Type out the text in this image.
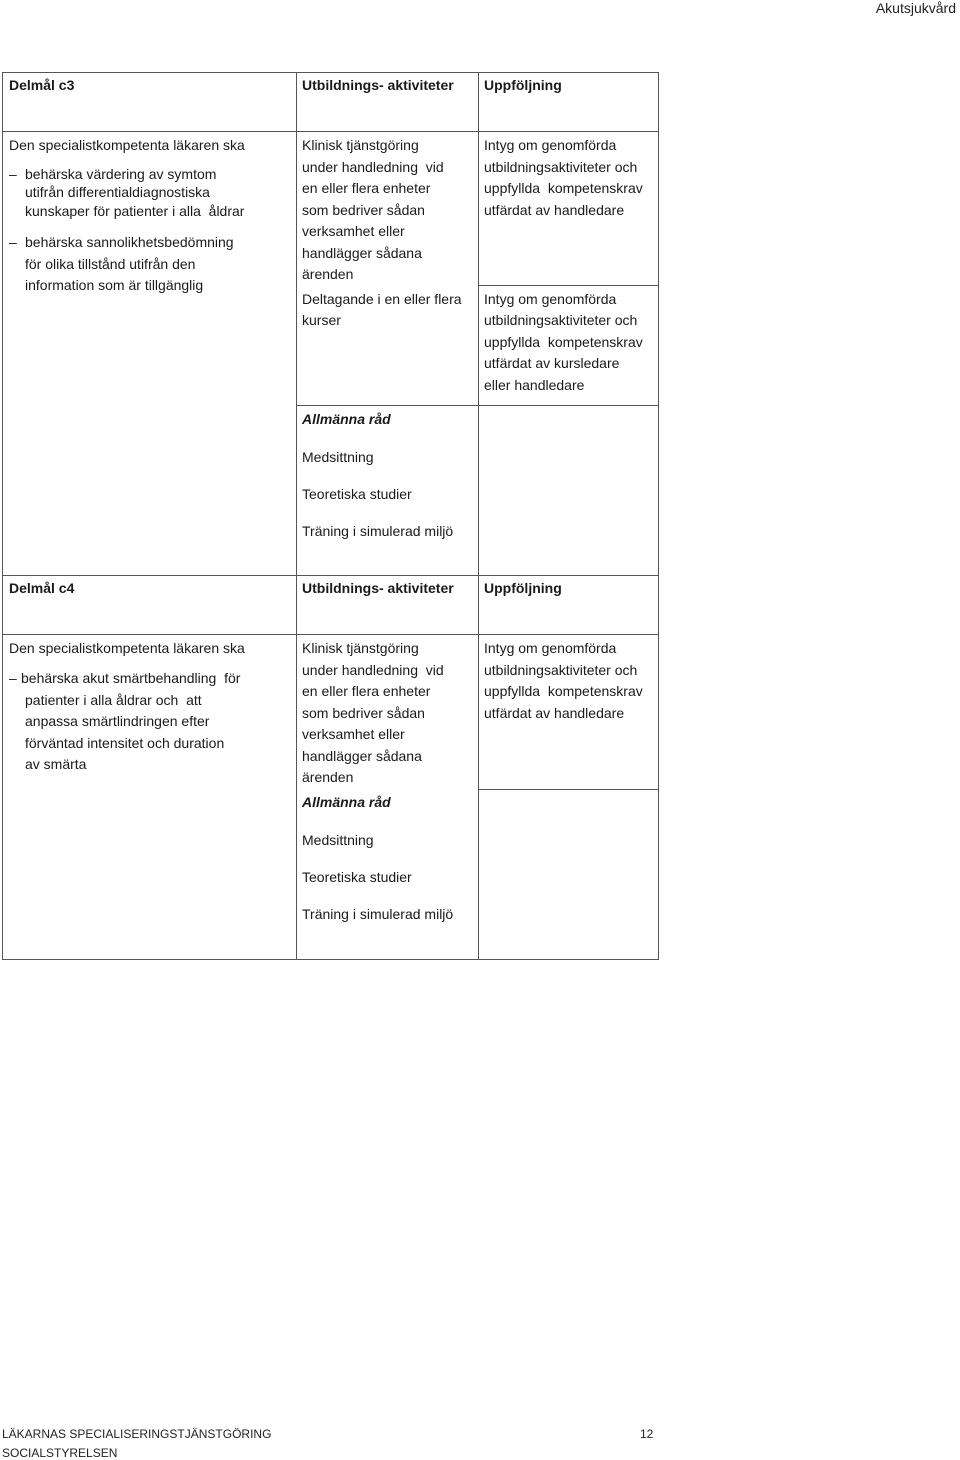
Akutsjukvård
Delmål c3	Utbildnings- aktiviteter Uppföljning
Den specialistkompetenta läkaren ska
– behärska värdering av symtom
utifrån differentialdiagnostiska
kunskaper för patienter i alla  åldrar
– behärska sannolikhetsbedömning
för olika tillstånd utifrån den
information som är tillgänglig
Klinisk tjänstgöring
under handledning  vid
en eller flera enheter
som bedriver sådan
verksamhet eller
handlägger sådana
ärenden
Intyg om genomförda
utbildningsaktiviteter och
uppfyllda  kompetenskrav
utfärdat av handledare
Deltagande i en eller flera
kurser
Intyg om genomförda
utbildningsaktiviteter och
uppfyllda  kompetenskrav
utfärdat av kursledare
eller handledare
Allmänna råd
Medsittning
Teoretiska studier
Träning i simulerad miljö
Delmål c4	Utbildnings- aktiviteter Uppföljning
Den specialistkompetenta läkaren ska
– behärska akut smärtbehandling  för
patienter i alla åldrar och  att
anpassa smärtlindringen efter
förväntad intensitet och duration
av smärta
Klinisk tjänstgöring
under handledning  vid
en eller flera enheter
som bedriver sådan
verksamhet eller
handlägger sådana
ärenden
Intyg om genomförda
utbildningsaktiviteter och
uppfyllda  kompetenskrav
utfärdat av handledare
Allmänna råd
Medsittning
Teoretiska studier
Träning i simulerad miljö
LÄKARNAS SPECIALISERINGSTJÄNSTGÖRING
SOCIALSTYRELSEN
12
